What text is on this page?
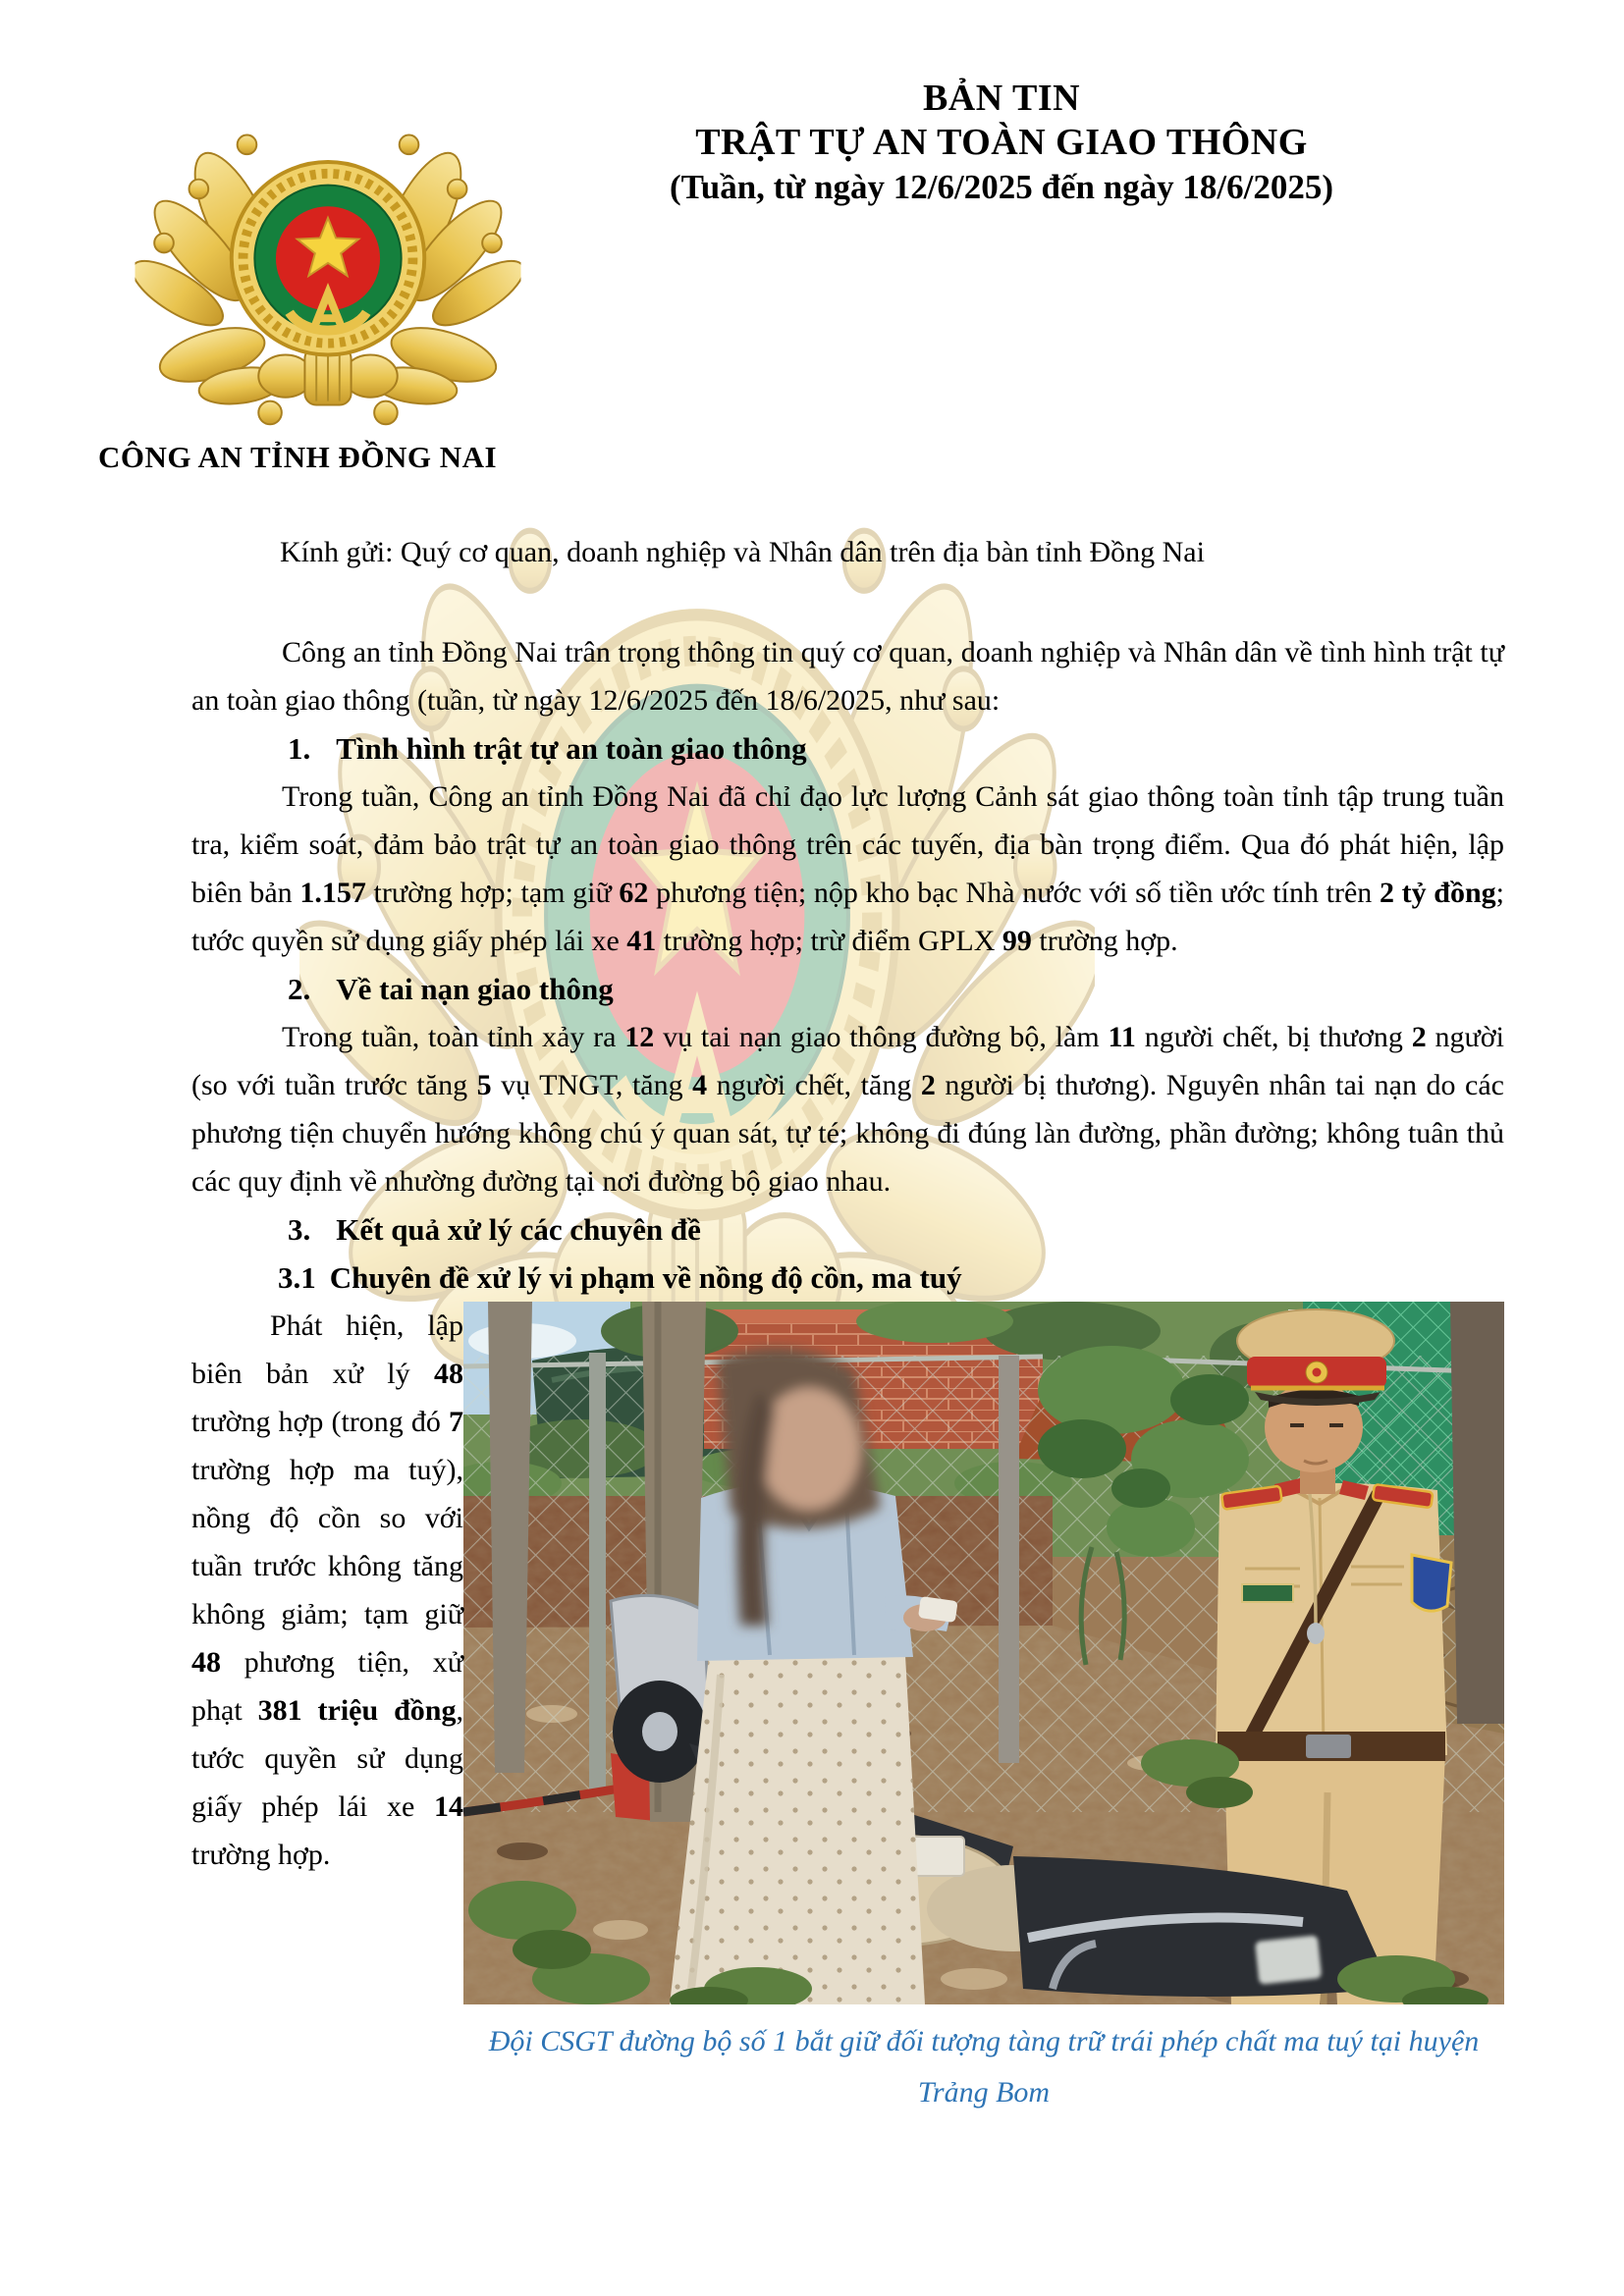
BẢN TIN
TRẬT TỰ AN TOÀN GIAO THÔNG
(Tuần, từ ngày 12/6/2025 đến ngày 18/6/2025)
CÔNG AN TỈNH ĐỒNG NAI
Kính gửi: Quý cơ quan, doanh nghiệp và Nhân dân trên địa bàn tỉnh Đồng Nai

Công an tỉnh Đồng Nai trân trọng thông tin quý cơ quan, doanh nghiệp và Nhân dân về tình hình trật tự an toàn giao thông (tuần, từ ngày 12/6/2025 đến 18/6/2025, như sau:

1. Tình hình trật tự an toàn giao thông

Trong tuần, Công an tỉnh Đồng Nai đã chỉ đạo lực lượng Cảnh sát giao thông toàn tỉnh tập trung tuần tra, kiểm soát, đảm bảo trật tự an toàn giao thông trên các tuyến, địa bàn trọng điểm. Qua đó phát hiện, lập biên bản 1.157 trường hợp; tạm giữ 62 phương tiện; nộp kho bạc Nhà nước với số tiền ước tính trên 2 tỷ đồng; tước quyền sử dụng giấy phép lái xe 41 trường hợp; trừ điểm GPLX 99 trường hợp.

2. Về tai nạn giao thông

Trong tuần, toàn tỉnh xảy ra 12 vụ tai nạn giao thông đường bộ, làm 11 người chết, bị thương 2 người (so với tuần trước tăng 5 vụ TNGT, tăng 4 người chết, tăng 2 người bị thương). Nguyên nhân tai nạn do các phương tiện chuyển hướng không chú ý quan sát, tự té; không đi đúng làn đường, phần đường; không tuân thủ các quy định về nhường đường tại nơi đường bộ giao nhau.

3. Kết quả xử lý các chuyên đề
3.1 Chuyên đề xử lý vi phạm về nồng độ cồn, ma tuý
Đội CSGT đường bộ số 1 bắt giữ đối tượng tàng trữ trái phép chất ma tuý tại huyện Trảng Bom

Phát hiện, lập biên bản xử lý 48 trường hợp (trong đó 7 trường hợp ma tuý), nồng độ cồn so với tuần trước không tăng không giảm; tạm giữ 48 phương tiện, xử phạt 381 triệu đồng, tước quyền sử dụng giấy phép lái xe 14 trường hợp.
